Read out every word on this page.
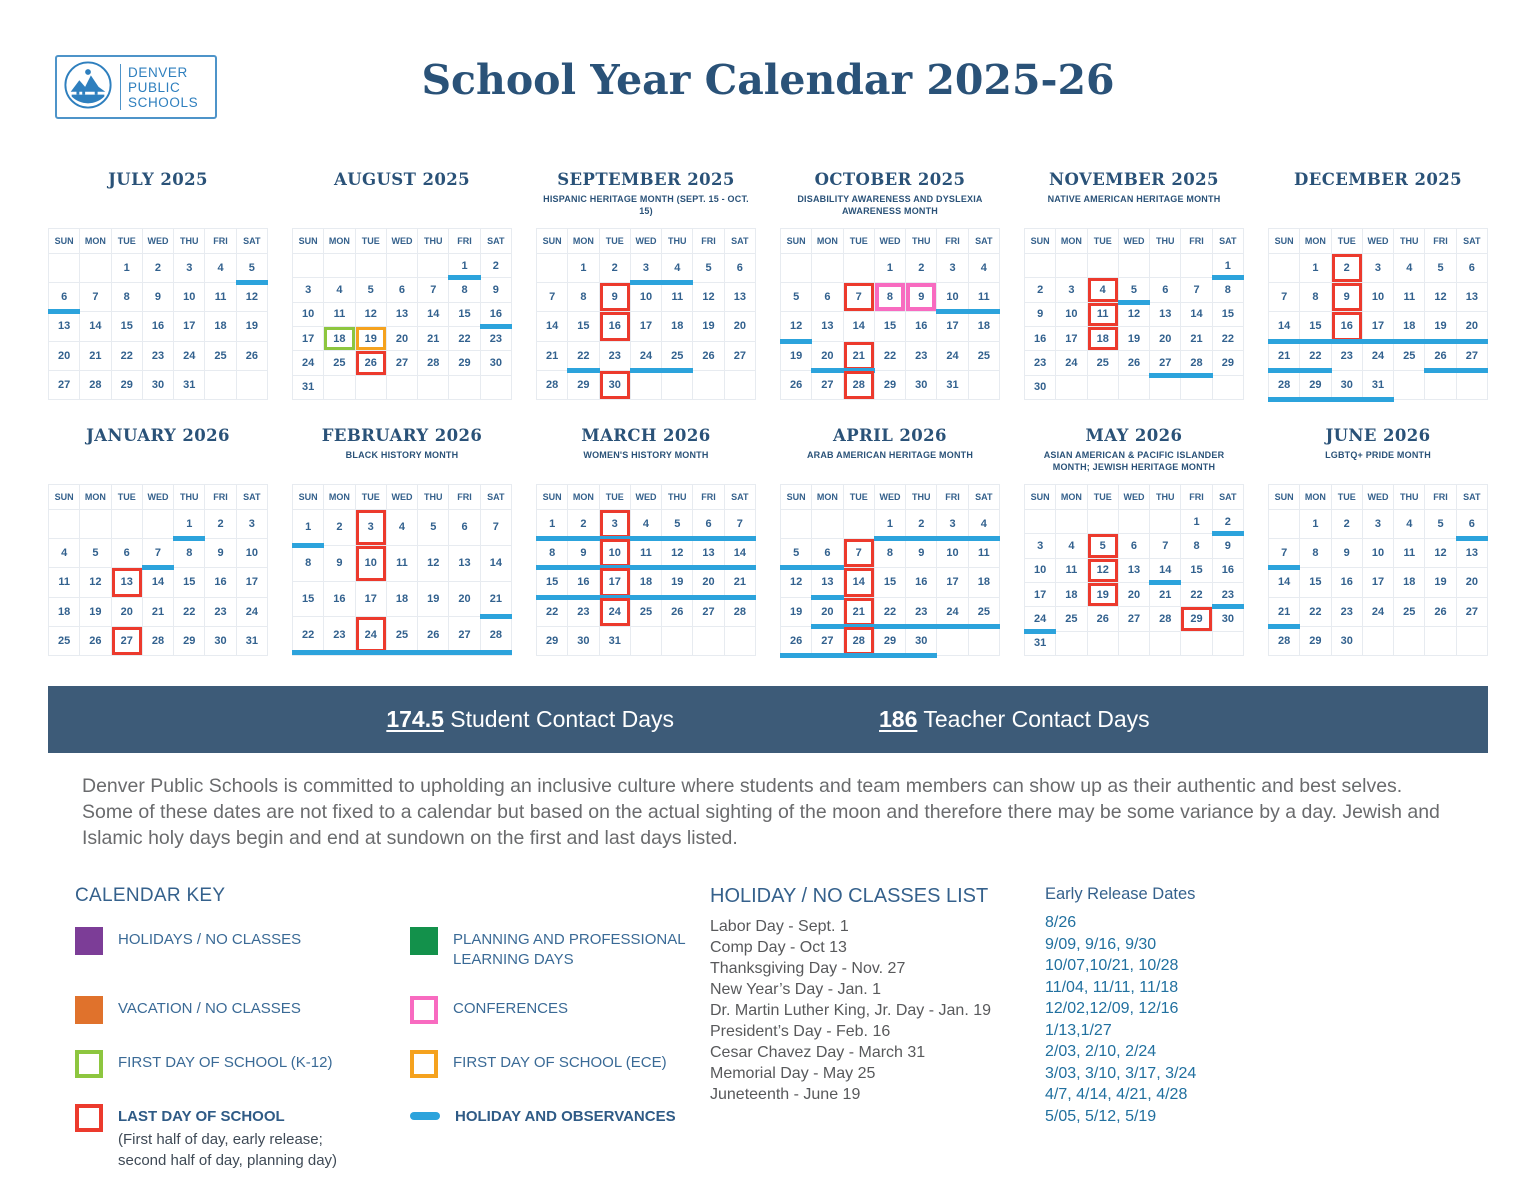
DENVER
PUBLIC
SCHOOLS	School Year Calendar 2025-26
JULY 2025
SUN	MON	TUE	WED	THU	FRI	SAT
		1	2	3	4	5
6	7	8	9	10	11	12
13	14	15	16	17	18	19
20	21	22	23	24	25	26
27	28	29	30	31		
AUGUST 2025
SUN	MON	TUE	WED	THU	FRI	SAT
					1	2
3	4	5	6	7	8	9
10	11	12	13	14	15	16
17	18	19	20	21	22	23
24	25	26	27	28	29	30
31						
SEPTEMBER 2025
HISPANIC HERITAGE MONTH (SEPT. 15 - OCT. 15)
SUN	MON	TUE	WED	THU	FRI	SAT
	1	2	3	4	5	6
7	8	9	10	11	12	13
14	15	16	17	18	19	20
21	22	23	24	25	26	27
28	29	30				
OCTOBER 2025
DISABILITY AWARENESS AND DYSLEXIA AWARENESS MONTH
SUN	MON	TUE	WED	THU	FRI	SAT
			1	2	3	4
5	6	7	8	9	10	11
12	13	14	15	16	17	18
19	20	21	22	23	24	25
26	27	28	29	30	31	
NOVEMBER 2025
NATIVE AMERICAN HERITAGE MONTH
SUN	MON	TUE	WED	THU	FRI	SAT
						1
2	3	4	5	6	7	8
9	10	11	12	13	14	15
16	17	18	19	20	21	22
23	24	25	26	27	28	29
30						
DECEMBER 2025
SUN	MON	TUE	WED	THU	FRI	SAT
	1	2	3	4	5	6
7	8	9	10	11	12	13
14	15	16	17	18	19	20
21	22	23	24	25	26	27
28	29	30	31			
JANUARY 2026
SUN	MON	TUE	WED	THU	FRI	SAT
				1	2	3
4	5	6	7	8	9	10
11	12	13	14	15	16	17
18	19	20	21	22	23	24
25	26	27	28	29	30	31
FEBRUARY 2026
BLACK HISTORY MONTH
SUN	MON	TUE	WED	THU	FRI	SAT
1	2	3	4	5	6	7
8	9	10	11	12	13	14
15	16	17	18	19	20	21
22	23	24	25	26	27	28

MARCH 2026
WOMEN'S HISTORY MONTH
SUN	MON	TUE	WED	THU	FRI	SAT
1	2	3	4	5	6	7
8	9	10	11	12	13	14
15	16	17	18	19	20	21
22	23	24	25	26	27	28
29	30	31				
APRIL 2026
ARAB AMERICAN HERITAGE MONTH
SUN	MON	TUE	WED	THU	FRI	SAT
			1	2	3	4
5	6	7	8	9	10	11
12	13	14	15	16	17	18
19	20	21	22	23	24	25
26	27	28	29	30		
MAY 2026
ASIAN AMERICAN & PACIFIC ISLANDER MONTH; JEWISH HERITAGE MONTH
SUN	MON	TUE	WED	THU	FRI	SAT
					1	2
3	4	5	6	7	8	9
10	11	12	13	14	15	16
17	18	19	20	21	22	23
24	25	26	27	28	29	30
31						
JUNE 2026
LGBTQ+ PRIDE MONTH
SUN	MON	TUE	WED	THU	FRI	SAT
	1	2	3	4	5	6
7	8	9	10	11	12	13
14	15	16	17	18	19	20
21	22	23	24	25	26	27
28	29	30				
174.5 Student Contact Days	186 Teacher Contact Days
Denver Public Schools is committed to upholding an inclusive culture where students and team members can show up as their authentic and best selves. Some of these dates are not fixed to a calendar but based on the actual sighting of the moon and therefore there may be some variance by a day. Jewish and Islamic holy days begin and end at sundown on the first and last days listed.
CALENDAR KEY
HOLIDAYS / NO CLASSES	PLANNING AND PROFESSIONAL LEARNING DAYS
VACATION / NO CLASSES	CONFERENCES
FIRST DAY OF SCHOOL (K-12)	FIRST DAY OF SCHOOL (ECE)
LAST DAY OF SCHOOL
(First half of day, early release; second half of day, planning day)
HOLIDAY AND OBSERVANCES
HOLIDAY / NO CLASSES LIST
Labor Day - Sept. 1
Comp Day - Oct 13
Thanksgiving Day - Nov. 27
New Year’s Day - Jan. 1
Dr. Martin Luther King, Jr. Day - Jan. 19
President’s Day - Feb. 16
Cesar Chavez Day - March 31
Memorial Day - May 25
Juneteenth - June 19
Early Release Dates
8/26
9/09, 9/16, 9/30
10/07,10/21, 10/28
11/04, 11/11, 11/18
12/02,12/09, 12/16
1/13,1/27
2/03, 2/10, 2/24
3/03, 3/10, 3/17, 3/24
4/7, 4/14, 4/21, 4/28
5/05, 5/12, 5/19
